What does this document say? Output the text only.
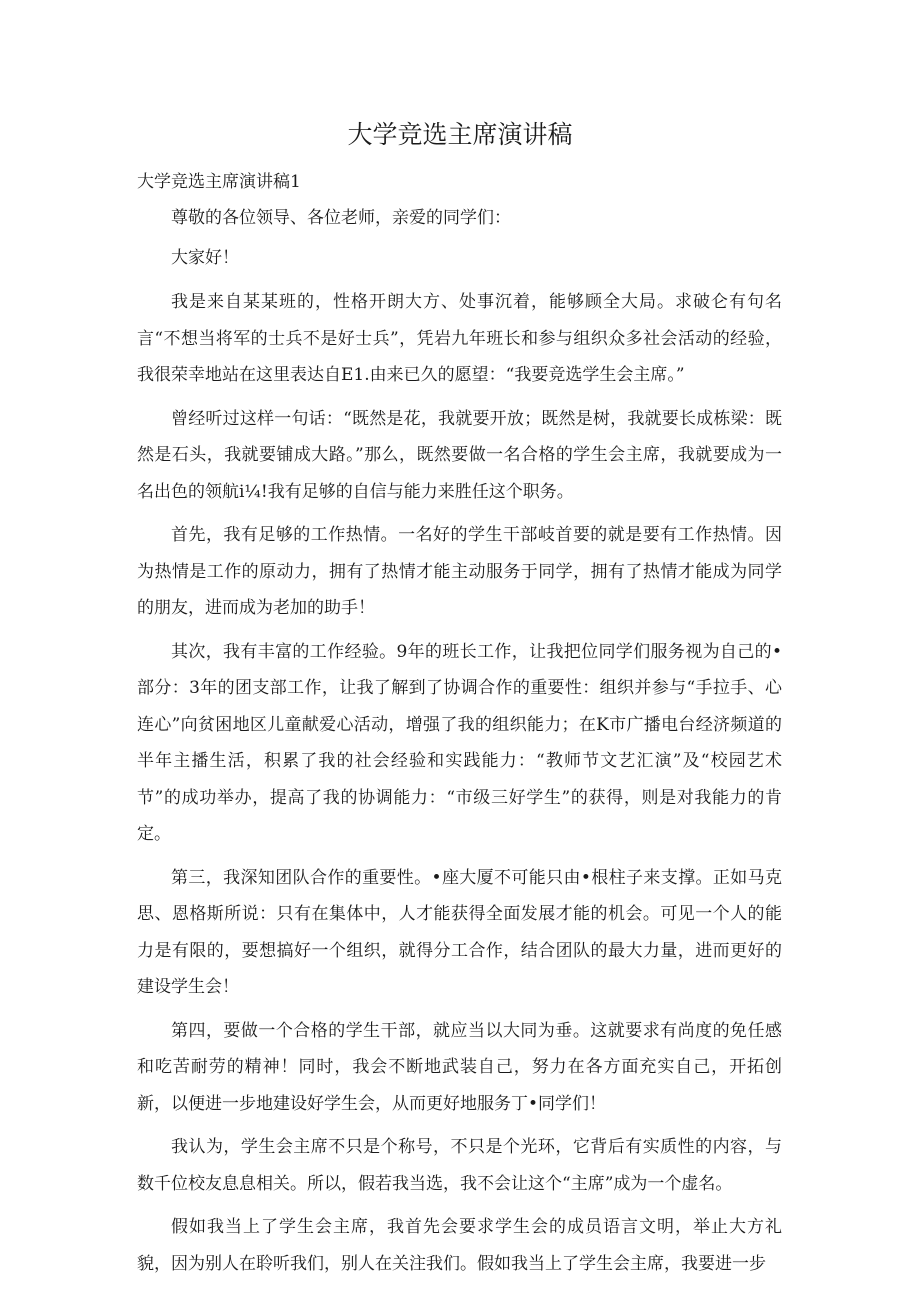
大学竞选主席演讲稿

大学竞选主席演讲稿1

尊敬的各位领导、各位老师，亲爱的同学们：

大家好！

我是来自某某班的，性格开朗大方、处事沉着，能够顾全大局。求破仑有句名言“不想当将军的士兵不是好士兵”，凭岩九年班长和参与组织众多社会活动的经验，我很荣幸地站在这里表达自E1.由来已久的愿望：“我要竞选学生会主席。”

曾经听过这样一句话：“既然是花，我就要开放；既然是树，我就要长成栋梁：既然是石头，我就要铺成大路。”那么，既然要做一名合格的学生会主席，我就要成为一名出色的领航i¼!我有足够的自信与能力来胜任这个职务。

首先，我有足够的工作热情。一名好的学生干部岐首要的就是要有工作热情。因为热情是工作的原动力，拥有了热情才能主动服务于同学，拥有了热情才能成为同学的朋友，进而成为老加的助手！

其次，我有丰富的工作经验。9年的班长工作，让我把位同学们服务视为自己的•部分：3年的团支部工作，让我了解到了协调合作的重要性：组织并参与“手拉手、心连心”向贫困地区儿童献爱心活动，增强了我的组织能力；在K市广播电台经济频道的半年主播生活，积累了我的社会经验和实践能力：“教师节文艺汇演”及“校园艺术节”的成功举办，提高了我的协调能力：“市级三好学生”的获得，则是对我能力的肯定。

第三，我深知团队合作的重要性。•座大厦不可能只由•根柱子来支撑。正如马克思、恩格斯所说：只有在集体中，人才能获得全面发展才能的机会。可见一个人的能力是有限的，要想搞好一个组织，就得分工合作，结合团队的最大力量，进而更好的建设学生会！

第四，要做一个合格的学生干部，就应当以大同为垂。这就要求有尚度的免任感和吃苦耐劳的精神！同时，我会不断地武装自己，努力在各方面充实自己，开拓创新，以便进一步地建设好学生会，从而更好地服务丁•同学们！

我认为，学生会主席不只是个称号，不只是个光环，它背后有实质性的内容，与数千位校友息息相关。所以，假若我当选，我不会让这个“主席”成为一个虚名。

假如我当上了学生会主席，我首先会要求学生会的成员语言文明，举止大方礼貌，因为别人在聆听我们，别人在关注我们。假如我当上了学生会主席，我要进一步
